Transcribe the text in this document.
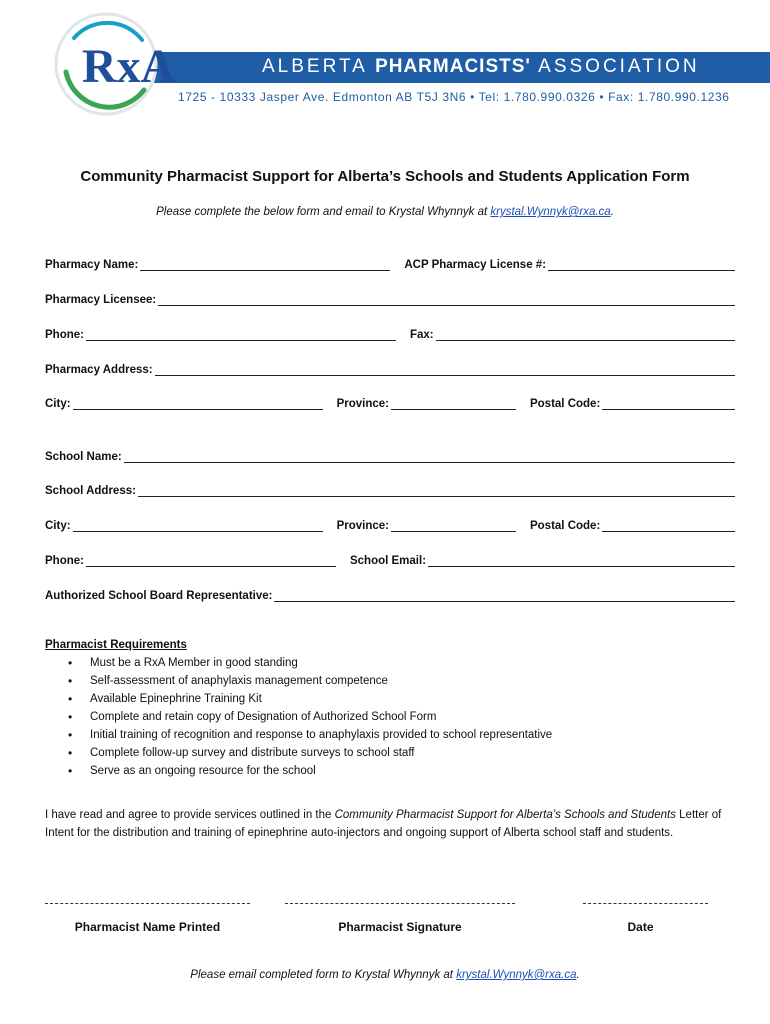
RxA	ALBERTA PHARMACISTS' ASSOCIATION
1725 - 10333 Jasper Ave. Edmonton AB T5J 3N6 • Tel: 1.780.990.0326 • Fax: 1.780.990.1236
Community Pharmacist Support for Alberta’s Schools and Students Application Form
Please complete the below form and email to Krystal Whynnyk at krystal.Wynnyk@rxa.ca.
Pharmacy Name:	ACP Pharmacy License #:
Pharmacy Licensee:
Phone:	Fax:
Pharmacy Address:
City:	Province:	Postal Code:
School Name:
School Address:
City:	Province:	Postal Code:
Phone:	School Email:
Authorized School Board Representative:
Pharmacist Requirements
• Must be a RxA Member in good standing
• Self-assessment of anaphylaxis management competence
• Available Epinephrine Training Kit
• Complete and retain copy of Designation of Authorized School Form
• Initial training of recognition and response to anaphylaxis provided to school representative
• Complete follow-up survey and distribute surveys to school staff
• Serve as an ongoing resource for the school
I have read and agree to provide services outlined in the Community Pharmacist Support for Alberta’s Schools and Students Letter of Intent for the distribution and training of epinephrine auto-injectors and ongoing support of Alberta school staff and students.
Pharmacist Name Printed	Pharmacist Signature	Date
Please email completed form to Krystal Whynnyk at krystal.Wynnyk@rxa.ca.
